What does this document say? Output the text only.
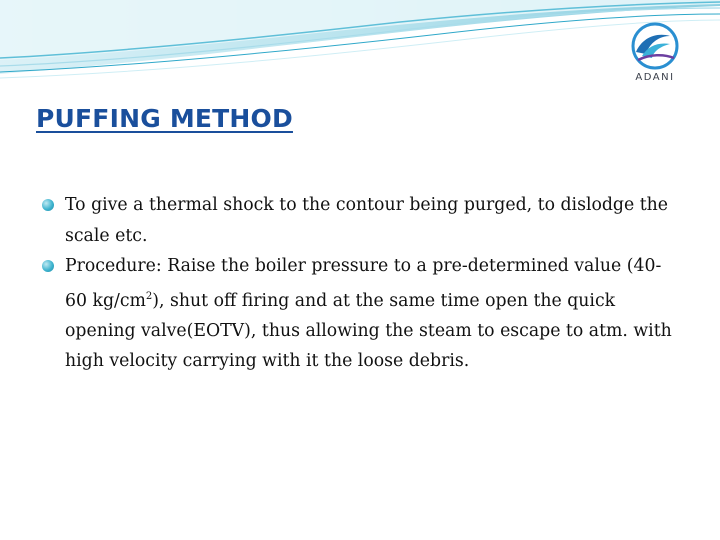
ADANI
PUFFING METHOD
To give a thermal shock to the contour being purged, to dislodge the scale etc.
Procedure: Raise the boiler pressure to a pre-determined value (40-60 $kg/cm^2$), shut off firing and at the same time open the quick opening valve(EOTV), thus allowing the steam to escape to atm. with high velocity carrying with it the loose debris.
